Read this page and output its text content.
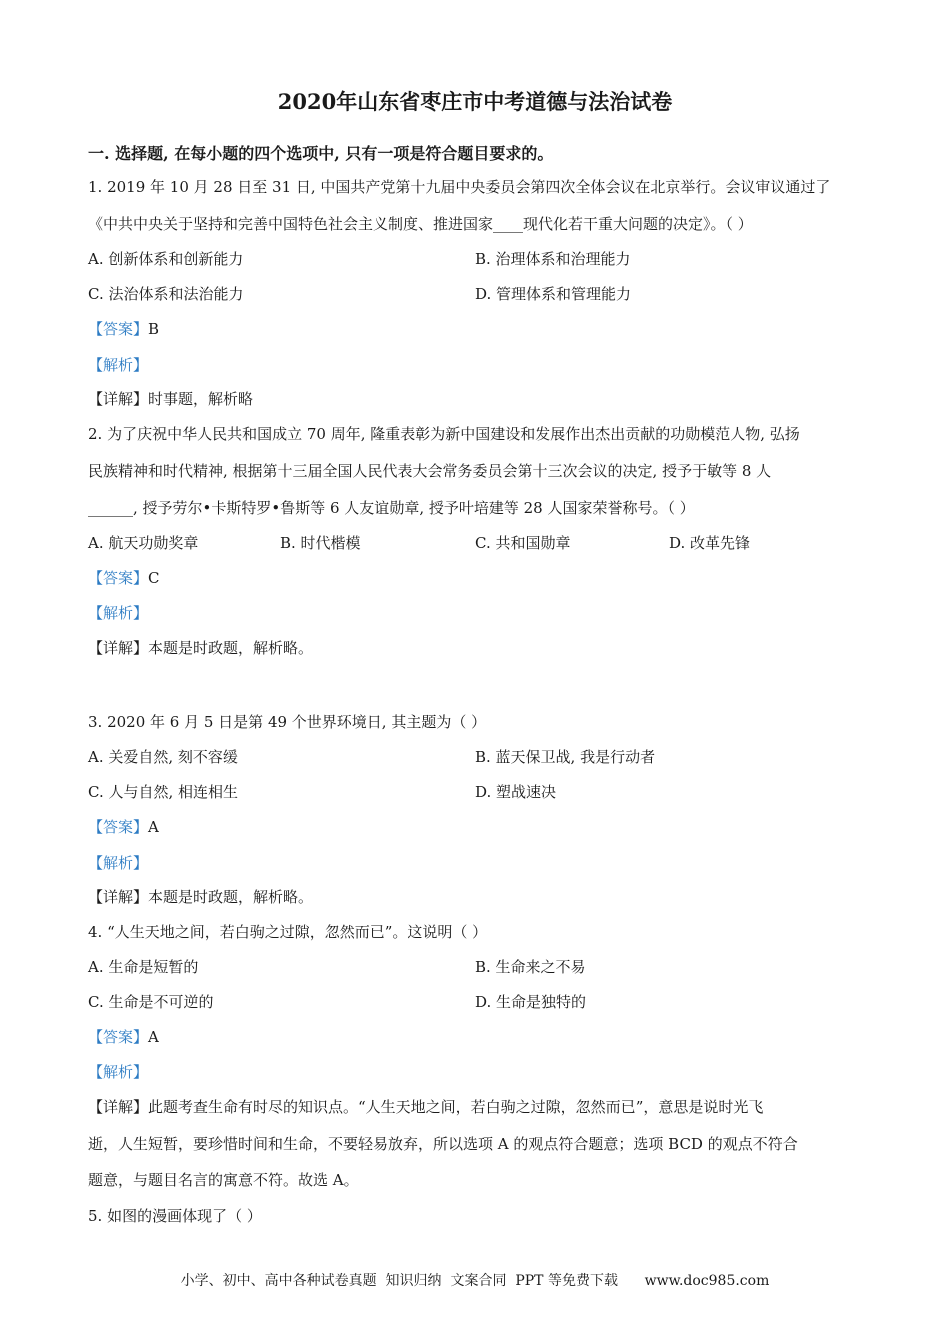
2020年山东省枣庄市中考道德与法治试卷
一. 选择题, 在每小题的四个选项中, 只有一项是符合题目要求的。
1. 2019 年 10 月 28 日至 31 日, 中国共产党第十九届中央委员会第四次全体会议在北京举行。会议审议通过了
《中共中央关于坚持和完善中国特色社会主义制度、推进国家____现代化若干重大问题的决定》。（ ）
A. 创新体系和创新能力	B. 治理体系和治理能力
C. 法治体系和法治能力	D. 管理体系和管理能力
【答案】B
【解析】
【详解】时事题，解析略
2. 为了庆祝中华人民共和国成立 70 周年, 隆重表彰为新中国建设和发展作出杰出贡献的功勋模范人物, 弘扬
民族精神和时代精神, 根据第十三届全国人民代表大会常务委员会第十三次会议的决定, 授予于敏等 8 人
______, 授予劳尔•卡斯特罗•鲁斯等 6 人友谊勋章, 授予叶培建等 28 人国家荣誉称号。（ ）
A. 航天功勋奖章	B. 时代楷模	C. 共和国勋章	D. 改革先锋
【答案】C
【解析】
【详解】本题是时政题，解析略。
3. 2020 年 6 月 5 日是第 49 个世界环境日, 其主题为（ ）
A. 关爱自然, 刻不容缓	B. 蓝天保卫战, 我是行动者
C. 人与自然, 相连相生	D. 塑战速决
【答案】A
【解析】
【详解】本题是时政题，解析略。
4. “人生天地之间，若白驹之过隙，忽然而已”。这说明（ ）
A. 生命是短暂的	B. 生命来之不易
C. 生命是不可逆的	D. 生命是独特的
【答案】A
【解析】
【详解】此题考查生命有时尽的知识点。“人生天地之间，若白驹之过隙，忽然而已”，意思是说时光飞
逝，人生短暂，要珍惜时间和生命，不要轻易放弃，所以选项 A 的观点符合题意；选项 BCD 的观点不符合
题意，与题目名言的寓意不符。故选 A。
5. 如图的漫画体现了（ ）
小学、初中、高中各种试卷真题  知识归纳  文案合同  PPT 等免费下载      www.doc985.com
